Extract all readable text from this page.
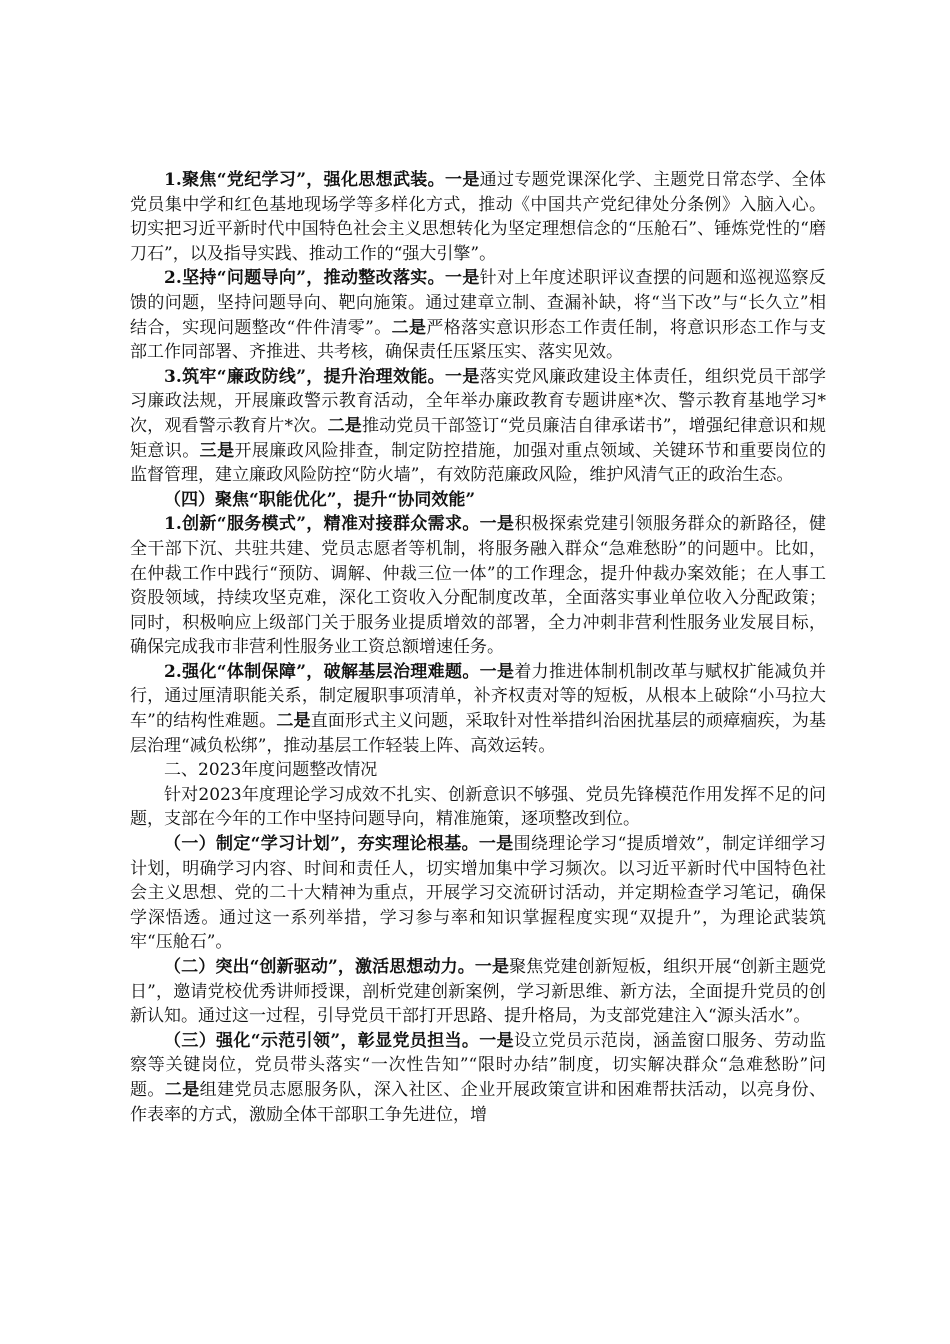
1.聚焦“党纪学习”，强化思想武装。一是通过专题党课深化学、主题党日常态学、全体党员集中学和红色基地现场学等多样化方式，推动《中国共产党纪律处分条例》入脑入心。切实把习近平新时代中国特色社会主义思想转化为坚定理想信念的“压舱石”、锤炼党性的“磨刀石”，以及指导实践、推动工作的“强大引擎”。

2.坚持“问题导向”，推动整改落实。一是针对上年度述职评议查摆的问题和巡视巡察反馈的问题，坚持问题导向、靶向施策。通过建章立制、查漏补缺，将“当下改”与“长久立”相结合，实现问题整改“件件清零”。二是严格落实意识形态工作责任制，将意识形态工作与支部工作同部署、齐推进、共考核，确保责任压紧压实、落实见效。

3.筑牢“廉政防线”，提升治理效能。一是落实党风廉政建设主体责任，组织党员干部学习廉政法规，开展廉政警示教育活动，全年举办廉政教育专题讲座*次、警示教育基地学习*次，观看警示教育片*次。二是推动党员干部签订“党员廉洁自律承诺书”，增强纪律意识和规矩意识。三是开展廉政风险排查，制定防控措施，加强对重点领域、关键环节和重要岗位的监督管理，建立廉政风险防控“防火墙”，有效防范廉政风险，维护风清气正的政治生态。

（四）聚焦“职能优化”，提升“协同效能”

1.创新“服务模式”，精准对接群众需求。一是积极探索党建引领服务群众的新路径，健全干部下沉、共驻共建、党员志愿者等机制，将服务融入群众“急难愁盼”的问题中。比如，在仲裁工作中践行“预防、调解、仲裁三位一体”的工作理念，提升仲裁办案效能；在人事工资股领域，持续攻坚克难，深化工资收入分配制度改革，全面落实事业单位收入分配政策；同时，积极响应上级部门关于服务业提质增效的部署，全力冲刺非营利性服务业发展目标，确保完成我市非营利性服务业工资总额增速任务。

2.强化“体制保障”，破解基层治理难题。一是着力推进体制机制改革与赋权扩能减负并行，通过厘清职能关系，制定履职事项清单，补齐权责对等的短板，从根本上破除“小马拉大车”的结构性难题。二是直面形式主义问题，采取针对性举措纠治困扰基层的顽瘴痼疾，为基层治理“减负松绑”，推动基层工作轻装上阵、高效运转。

二、2023年度问题整改情况

针对2023年度理论学习成效不扎实、创新意识不够强、党员先锋模范作用发挥不足的问题，支部在今年的工作中坚持问题导向，精准施策，逐项整改到位。

（一）制定“学习计划”，夯实理论根基。一是围绕理论学习“提质增效”，制定详细学习计划，明确学习内容、时间和责任人，切实增加集中学习频次。以习近平新时代中国特色社会主义思想、党的二十大精神为重点，开展学习交流研讨活动，并定期检查学习笔记，确保学深悟透。通过这一系列举措，学习参与率和知识掌握程度实现“双提升”，为理论武装筑牢“压舱石”。

（二）突出“创新驱动”，激活思想动力。一是聚焦党建创新短板，组织开展“创新主题党日”，邀请党校优秀讲师授课，剖析党建创新案例，学习新思维、新方法，全面提升党员的创新认知。通过这一过程，引导党员干部打开思路、提升格局，为支部党建注入“源头活水”。

（三）强化“示范引领”，彰显党员担当。一是设立党员示范岗，涵盖窗口服务、劳动监察等关键岗位，党员带头落实“一次性告知”“限时办结”制度，切实解决群众“急难愁盼”问题。二是组建党员志愿服务队，深入社区、企业开展政策宣讲和困难帮扶活动，以亮身份、作表率的方式，激励全体干部职工争先进位，增
